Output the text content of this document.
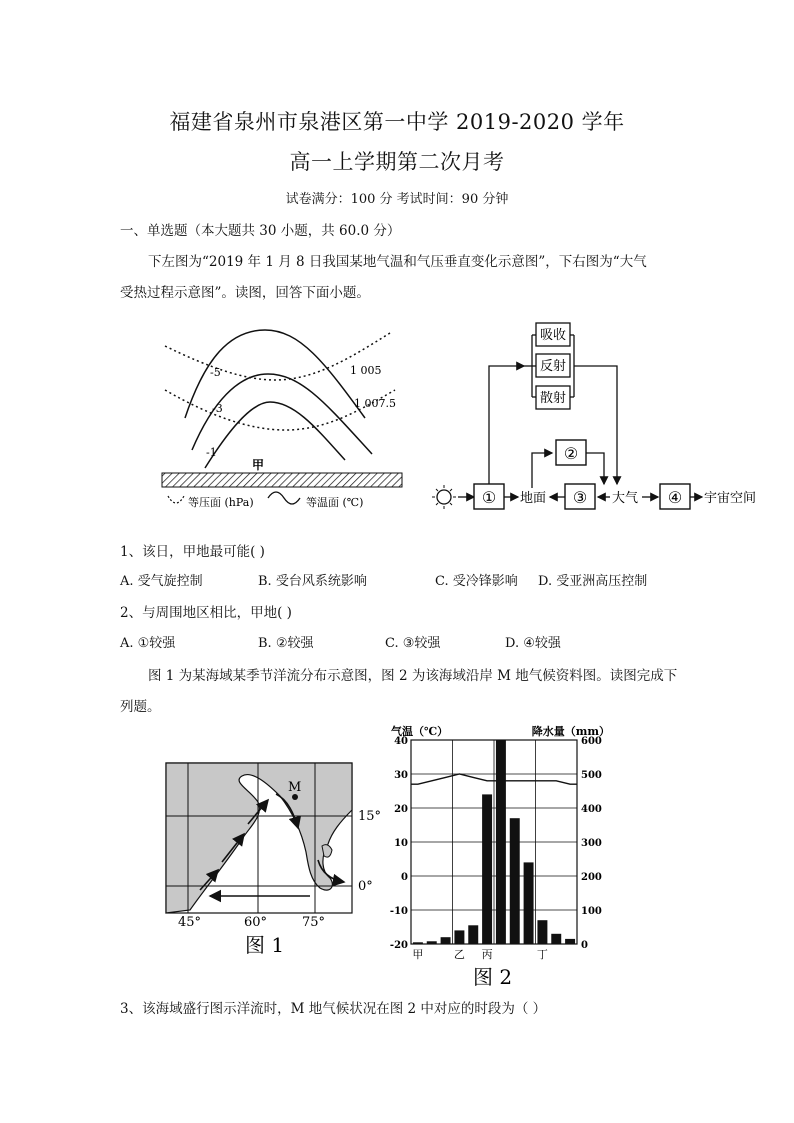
福建省泉州市泉港区第一中学 2019-2020 学年
高一上学期第二次月考
试卷满分：100 分 考试时间：90 分钟
一、单选题（本大题共 30 小题，共 60.0 分）
下左图为“2019 年 1 月 8 日我国某地气温和气压垂直变化示意图”，下右图为“大气
受热过程示意图”。读图，回答下面小题。
-5
-3
-1
1 005
1 007.5
甲
等压面 (hPa)	等温面 (℃)	① 地面
吸收
反射
散射
②
③ 大气 ④ 宇宙空间
1、该日，甲地最可能( )
A. 受气旋控制	B. 受台风系统影响	C. 受冷锋影响 D. 受亚洲高压控制
2、与周围地区相比，甲地( )
A. ①较强	B. ②较强	C. ③较强	D. ④较强
图 1 为某海域某季节洋流分布示意图，图 2 为该海域沿岸 M 地气候资料图。读图完成下
列题。
M
15°
0°
45°	60°	75°
图 1
气温（℃）	降水量（mm）
40
30
20
10
0
-10
-20
600
500
400
300
200
100
0
甲	乙 丙	丁
图 2
3、该海域盛行图示洋流时，M 地气候状况在图 2 中对应的时段为（ ）
